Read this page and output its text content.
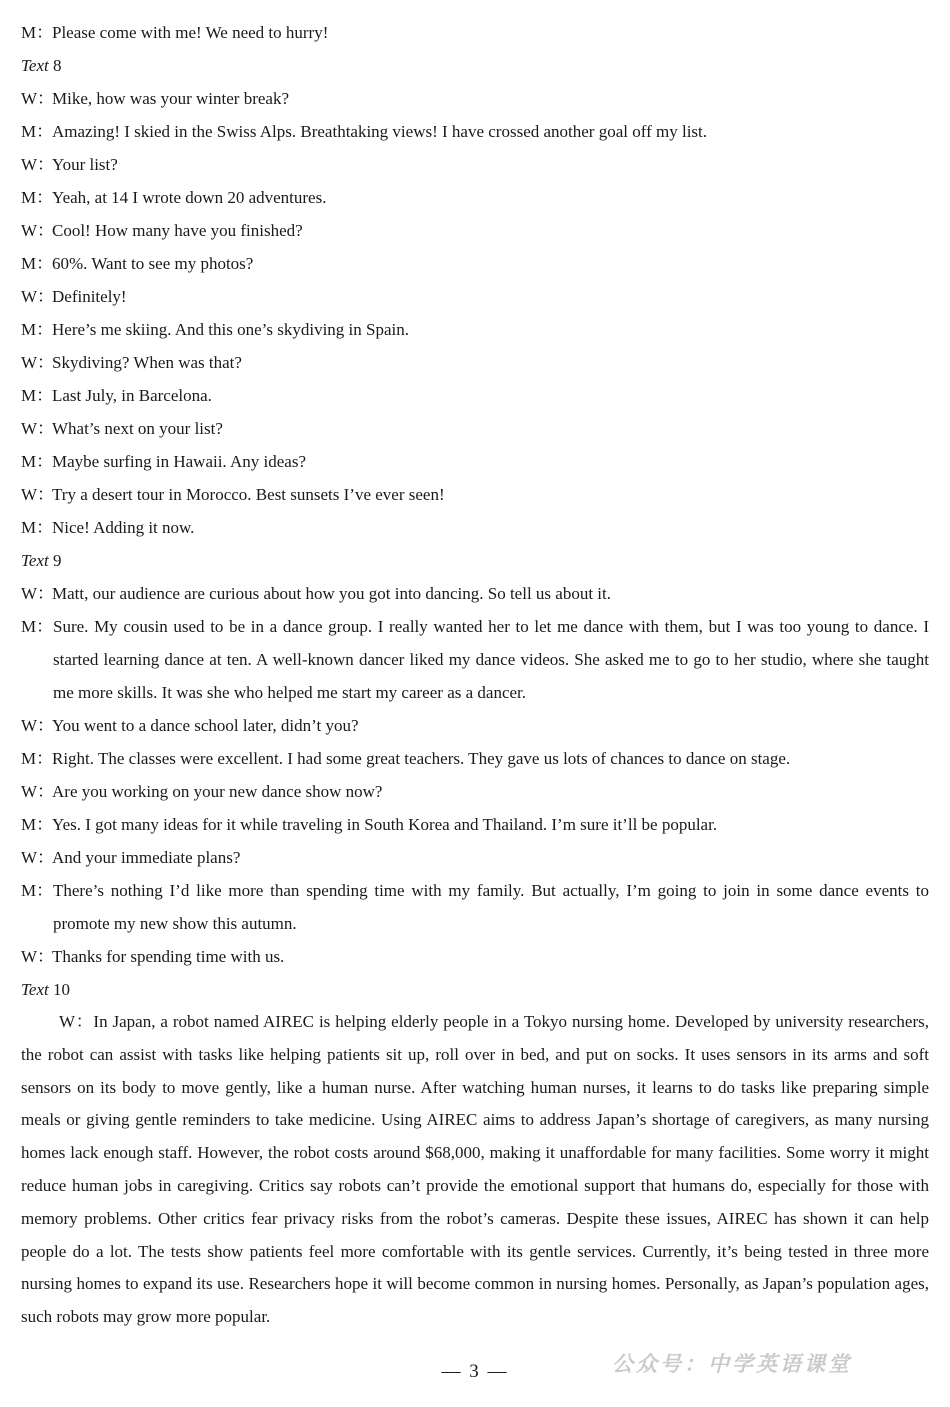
M：Please come with me! We need to hurry!

Text 8

W：Mike, how was your winter break?

M：Amazing! I skied in the Swiss Alps. Breathtaking views! I have crossed another goal off my list.

W：Your list?

M：Yeah, at 14 I wrote down 20 adventures.

W：Cool! How many have you finished?

M：60%. Want to see my photos?

W：Definitely!

M：Here’s me skiing. And this one’s skydiving in Spain.

W：Skydiving? When was that?

M：Last July, in Barcelona.

W：What’s next on your list?

M：Maybe surfing in Hawaii. Any ideas?

W：Try a desert tour in Morocco. Best sunsets I’ve ever seen!

M：Nice! Adding it now.

Text 9

W：Matt, our audience are curious about how you got into dancing. So tell us about it.

M：Sure. My cousin used to be in a dance group. I really wanted her to let me dance with them, but I was too young to dance. I started learning dance at ten. A well-known dancer liked my dance videos. She asked me to go to her studio, where she taught me more skills. It was she who helped me start my career as a dancer.

W：You went to a dance school later, didn’t you?

M：Right. The classes were excellent. I had some great teachers. They gave us lots of chances to dance on stage.

W：Are you working on your new dance show now?

M：Yes. I got many ideas for it while traveling in South Korea and Thailand. I’m sure it’ll be popular.

W：And your immediate plans?

M：There’s nothing I’d like more than spending time with my family. But actually, I’m going to join in some dance events to promote my new show this autumn.

W：Thanks for spending time with us.

Text 10

W：In Japan, a robot named AIREC is helping elderly people in a Tokyo nursing home. Developed by university researchers, the robot can assist with tasks like helping patients sit up, roll over in bed, and put on socks. It uses sensors in its arms and soft sensors on its body to move gently, like a human nurse. After watching human nurses, it learns to do tasks like preparing simple meals or giving gentle reminders to take medicine. Using AIREC aims to address Japan’s shortage of caregivers, as many nursing homes lack enough staff. However, the robot costs around $68,000, making it unaffordable for many facilities. Some worry it might reduce human jobs in caregiving. Critics say robots can’t provide the emotional support that humans do, especially for those with memory problems. Other critics fear privacy risks from the robot’s cameras. Despite these issues, AIREC has shown it can help people do a lot. The tests show patients feel more comfortable with its gentle services. Currently, it’s being tested in three more nursing homes to expand its use. Researchers hope it will become common in nursing homes. Personally, as Japan’s population ages, such robots may grow more popular.

— 3 —	公众号：中学英语课堂
